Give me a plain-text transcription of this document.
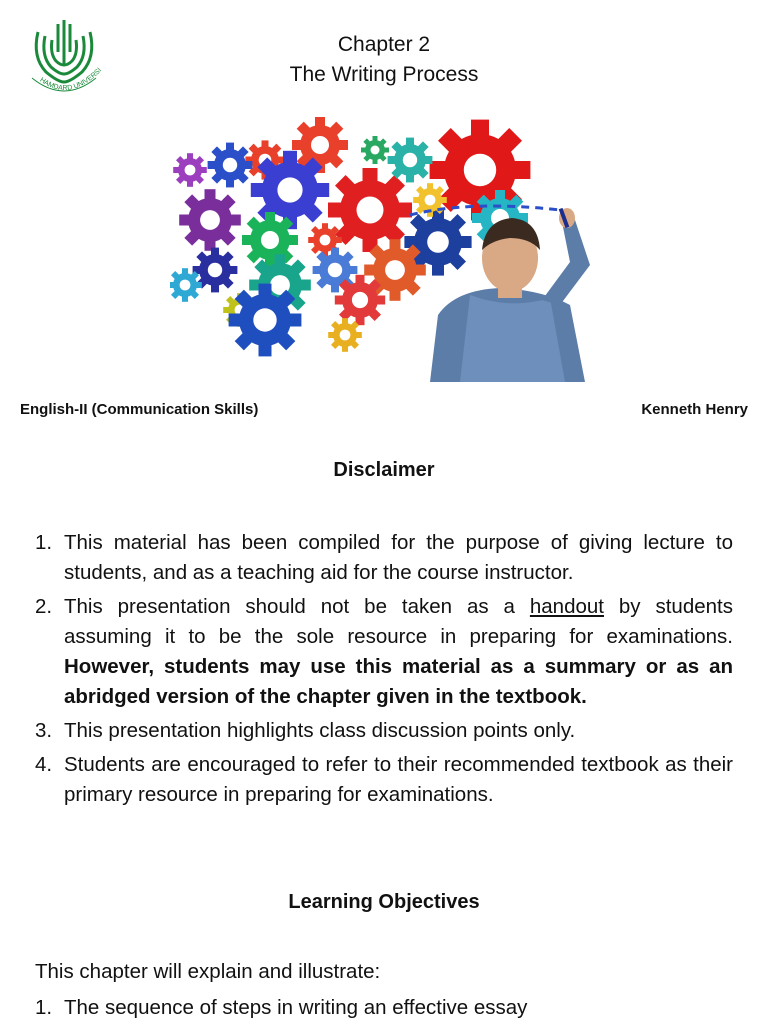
HAMDARD UNIVERSI
Chapter 2
The Writing Process
English-II (Communication Skills)	Kenneth Henry
Disclaimer
1. This material has been compiled for the purpose of giving lecture to students, and as a teaching aid for the course instructor.
2. This presentation should not be taken as a handout by students assuming it to be the sole resource in preparing for examinations. However, students may use this material as a summary or as an abridged version of the chapter given in the textbook.
3. This presentation highlights class discussion points only.
4. Students are encouraged to refer to their recommended textbook as their primary resource in preparing for examinations.
Learning Objectives
This chapter will explain and illustrate:
1. The sequence of steps in writing an effective essay
